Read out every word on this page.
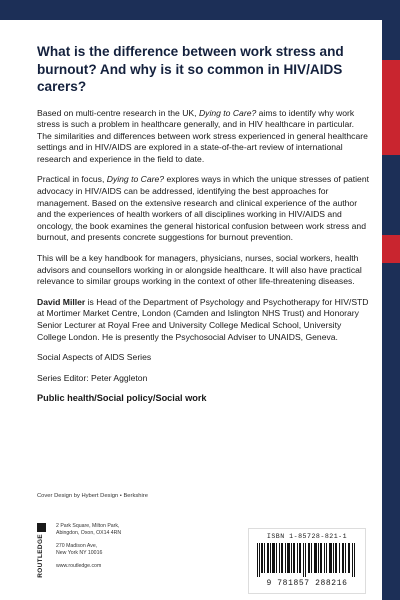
What is the difference between work stress and burnout? And why is it so common in HIV/AIDS carers?

Based on multi-centre research in the UK, Dying to Care? aims to identify why work stress is such a problem in healthcare generally, and in HIV healthcare in particular. The similarities and differences between work stress experienced in general healthcare settings and in HIV/AIDS are explored in a state-of-the-art review of international research and experience in the field to date.

Practical in focus, Dying to Care? explores ways in which the unique stresses of patient advocacy in HIV/AIDS can be addressed, identifying the best approaches for management. Based on the extensive research and clinical experience of the author and the experiences of health workers of all disciplines working in HIV/AIDS and oncology, the book examines the general historical confusion between work stress and burnout, and presents concrete suggestions for burnout prevention.

This will be a key handbook for managers, physicians, nurses, social workers, health advisors and counsellors working in or alongside healthcare. It will also have practical relevance to similar groups working in the context of other life-threatening diseases.

David Miller is Head of the Department of Psychology and Psychotherapy for HIV/STD at Mortimer Market Centre, London (Camden and Islington NHS Trust) and Honorary Senior Lecturer at Royal Free and University College Medical School, University College London. He is presently the Psychosocial Adviser to UNAIDS, Geneva.

Social Aspects of AIDS Series

Series Editor: Peter Aggleton

Public health/Social policy/Social work

Cover Design by Hybert Design • Berkshire
ROUTLEDGE
2 Park Square, Milton Park,
Abingdon, Oxon, OX14 4RN
270 Madison Ave,
New York NY 10016
www.routledge.com
ISBN 1-85728-821-1
9 781857 288216
